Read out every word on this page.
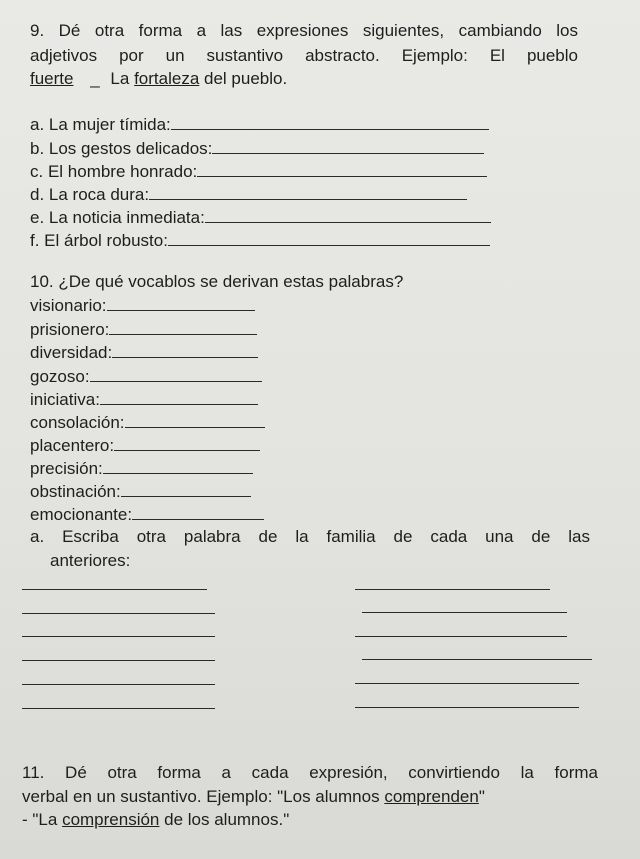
9. Dé otra forma a las expresiones siguientes, cambiando los
adjetivos por un sustantivo abstracto. Ejemplo: El pueblo
fuerte _ La fortaleza del pueblo.
a. La mujer tímida:
b. Los gestos delicados:
c. El hombre honrado:
d. La roca dura:
e. La noticia inmediata:
f. El árbol robusto:
10. ¿De qué vocablos se derivan estas palabras?
visionario:
prisionero:
diversidad:
gozoso:
iniciativa:
consolación:
placentero:
precisión:
obstinación:
emocionante:
a. Escriba otra palabra de la familia de cada una de las
anteriores:
11. Dé otra forma a cada expresión, convirtiendo la forma
verbal en un sustantivo. Ejemplo: "Los alumnos comprenden"
- "La comprensión de los alumnos."
